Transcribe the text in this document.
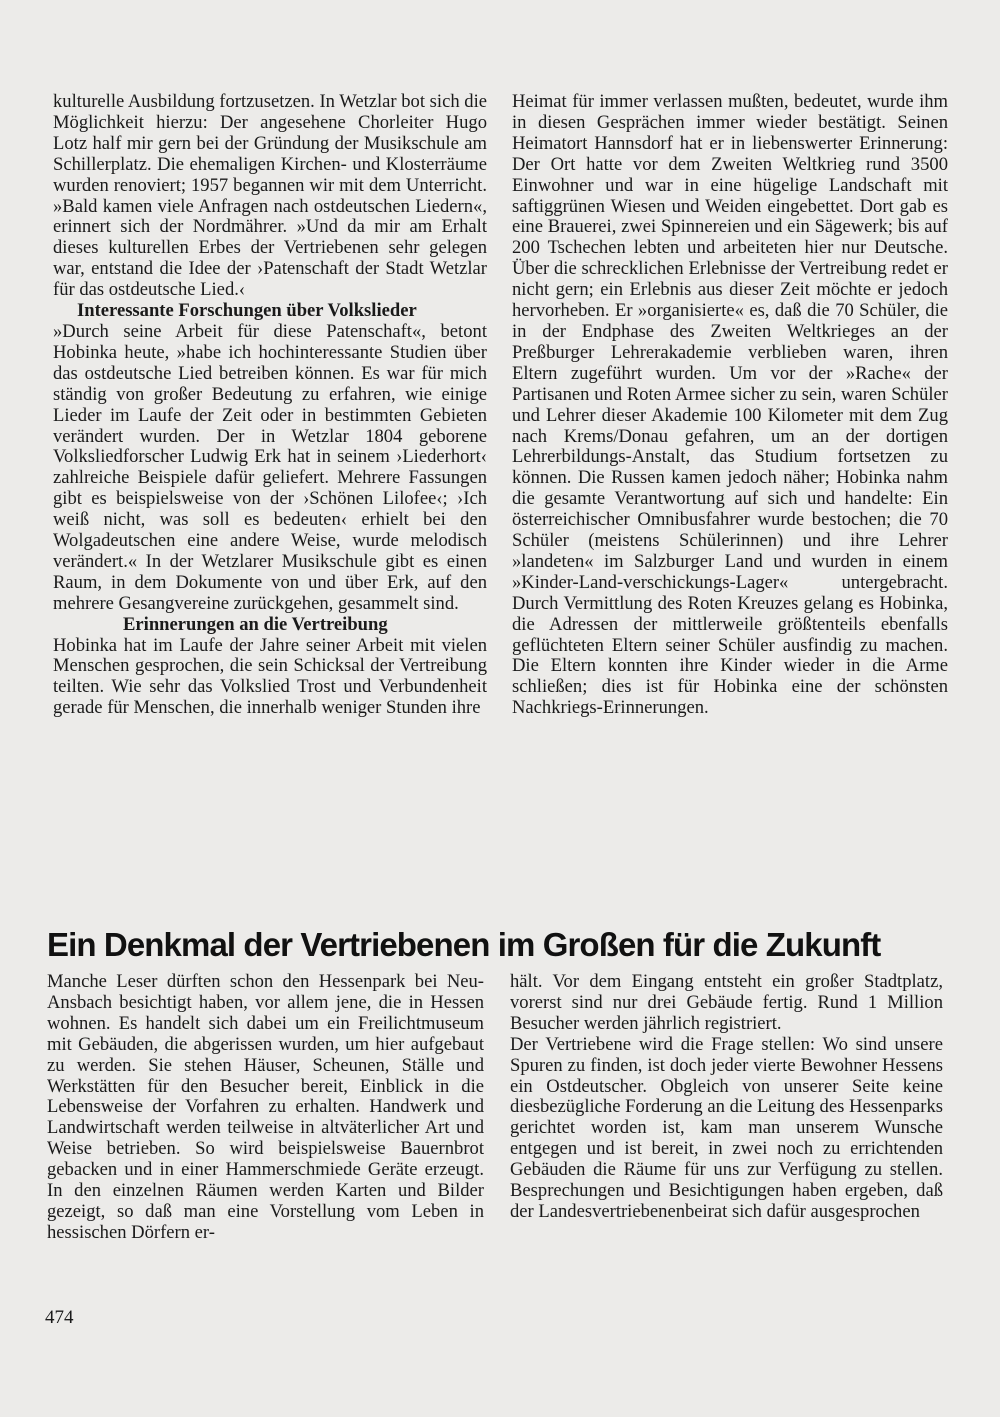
kulturelle Ausbildung fortzusetzen. In Wetzlar bot sich die Möglichkeit hierzu: Der angesehene Chorleiter Hugo Lotz half mir gern bei der Gründung der Musikschule am Schillerplatz. Die ehemaligen Kirchen- und Klosterräume wurden renoviert; 1957 begannen wir mit dem Unterricht. »Bald kamen viele Anfragen nach ostdeutschen Liedern«, erinnert sich der Nordmährer. »Und da mir am Erhalt dieses kulturellen Erbes der Vertriebenen sehr gelegen war, entstand die Idee der ›Patenschaft der Stadt Wetzlar für das ostdeutsche Lied.‹

Interessante Forschungen über Volkslieder

»Durch seine Arbeit für diese Patenschaft«, betont Hobinka heute, »habe ich hochinteressante Studien über das ostdeutsche Lied betreiben können. Es war für mich ständig von großer Bedeutung zu erfahren, wie einige Lieder im Laufe der Zeit oder in bestimmten Gebieten verändert wurden. Der in Wetzlar 1804 geborene Volksliedforscher Ludwig Erk hat in seinem ›Liederhort‹ zahlreiche Beispiele dafür geliefert. Mehrere Fassungen gibt es beispielsweise von der ›Schönen Lilofee‹; ›Ich weiß nicht, was soll es bedeuten‹ erhielt bei den Wolgadeutschen eine andere Weise, wurde melodisch verändert.« In der Wetzlarer Musikschule gibt es einen Raum, in dem Dokumente von und über Erk, auf den mehrere Gesangvereine zurückgehen, gesammelt sind.

Erinnerungen an die Vertreibung

Hobinka hat im Laufe der Jahre seiner Arbeit mit vielen Menschen gesprochen, die sein Schicksal der Vertreibung teilten. Wie sehr das Volkslied Trost und Verbundenheit gerade für Menschen, die innerhalb weniger Stunden ihre

Heimat für immer verlassen mußten, bedeutet, wurde ihm in diesen Gesprächen immer wieder bestätigt. Seinen Heimatort Hannsdorf hat er in liebenswerter Erinnerung: Der Ort hatte vor dem Zweiten Weltkrieg rund 3500 Einwohner und war in eine hügelige Landschaft mit saftiggrünen Wiesen und Weiden eingebettet. Dort gab es eine Brauerei, zwei Spinnereien und ein Sägewerk; bis auf 200 Tschechen lebten und arbeiteten hier nur Deutsche. Über die schrecklichen Erlebnisse der Vertreibung redet er nicht gern; ein Erlebnis aus dieser Zeit möchte er jedoch hervorheben. Er »organisierte« es, daß die 70 Schüler, die in der Endphase des Zweiten Weltkrieges an der Preßburger Lehrerakademie verblieben waren, ihren Eltern zugeführt wurden. Um vor der »Rache« der Partisanen und Roten Armee sicher zu sein, waren Schüler und Lehrer dieser Akademie 100 Kilometer mit dem Zug nach Krems/Donau gefahren, um an der dortigen Lehrerbildungs-Anstalt, das Studium fortsetzen zu können. Die Russen kamen jedoch näher; Hobinka nahm die gesamte Verantwortung auf sich und handelte: Ein österreichischer Omnibusfahrer wurde bestochen; die 70 Schüler (meistens Schülerinnen) und ihre Lehrer »landeten« im Salzburger Land und wurden in einem »Kinder-Land-verschickungs-Lager« untergebracht. Durch Vermittlung des Roten Kreuzes gelang es Hobinka, die Adressen der mittlerweile größtenteils ebenfalls geflüchteten Eltern seiner Schüler ausfindig zu machen. Die Eltern konnten ihre Kinder wieder in die Arme schließen; dies ist für Hobinka eine der schönsten Nachkriegs-Erinnerungen.

Ein Denkmal der Vertriebenen im Großen für die Zukunft

Manche Leser dürften schon den Hessenpark bei Neu-Ansbach besichtigt haben, vor allem jene, die in Hessen wohnen. Es handelt sich dabei um ein Freilichtmuseum mit Gebäuden, die abgerissen wurden, um hier aufgebaut zu werden. Sie stehen Häuser, Scheunen, Ställe und Werkstätten für den Besucher bereit, Einblick in die Lebensweise der Vorfahren zu erhalten. Handwerk und Landwirtschaft werden teilweise in altväterlicher Art und Weise betrieben. So wird beispielsweise Bauernbrot gebacken und in einer Hammerschmiede Geräte erzeugt. In den einzelnen Räumen werden Karten und Bilder gezeigt, so daß man eine Vorstellung vom Leben in hessischen Dörfern er-

hält. Vor dem Eingang entsteht ein großer Stadtplatz, vorerst sind nur drei Gebäude fertig. Rund 1 Million Besucher werden jährlich registriert.

Der Vertriebene wird die Frage stellen: Wo sind unsere Spuren zu finden, ist doch jeder vierte Bewohner Hessens ein Ostdeutscher. Obgleich von unserer Seite keine diesbezügliche Forderung an die Leitung des Hessenparks gerichtet worden ist, kam man unserem Wunsche entgegen und ist bereit, in zwei noch zu errichtenden Gebäuden die Räume für uns zur Verfügung zu stellen. Besprechungen und Besichtigungen haben ergeben, daß der Landesvertriebenenbeirat sich dafür ausgesprochen

474
